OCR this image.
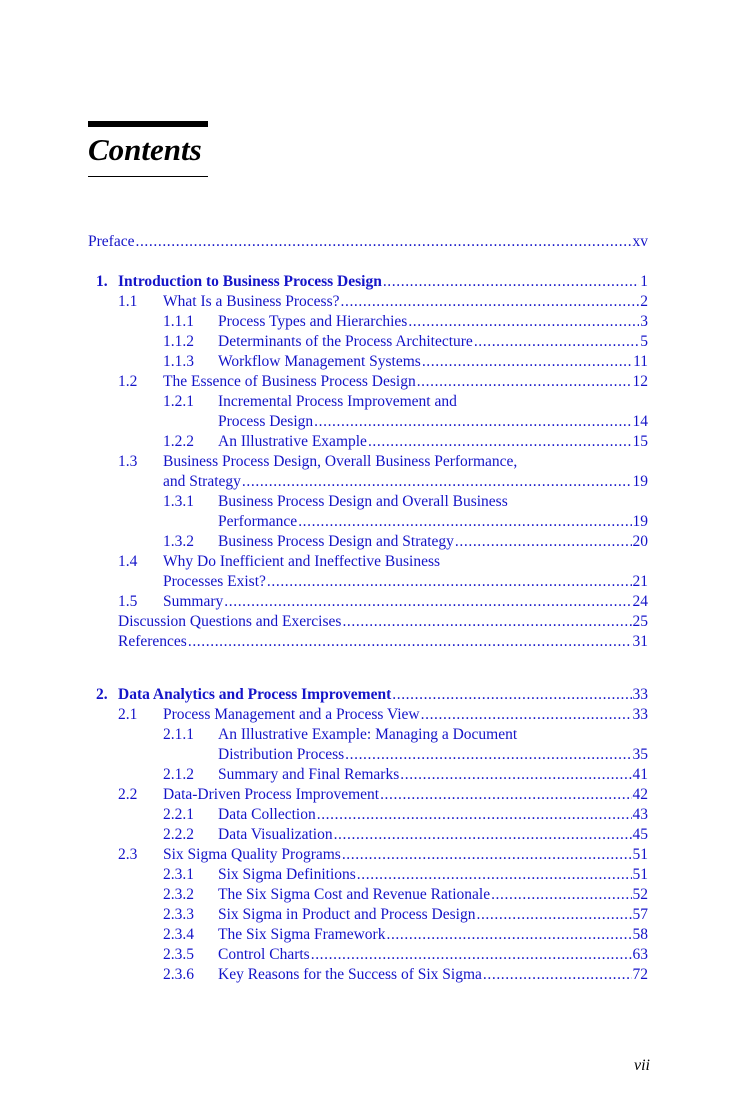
Contents
Preface .....	xv
1. Introduction to Business Process Design .....	1
1.1	What Is a Business Process? .....	2
1.1.1	Process Types and Hierarchies .....	3
1.1.2	Determinants of the Process Architecture .....	5
1.1.3	Workflow Management Systems .....	11
1.2	The Essence of Business Process Design .....	12
1.2.1	Incremental Process Improvement and
Process Design .....	14
1.2.2	An Illustrative Example .....	15
1.3	Business Process Design, Overall Business Performance,
and Strategy .....	19
1.3.1	Business Process Design and Overall Business
Performance .....	19
1.3.2	Business Process Design and Strategy .....	20
1.4	Why Do Inefficient and Ineffective Business
Processes Exist? .....	21
1.5	Summary .....	24
Discussion Questions and Exercises .....	25
References .....	31
2. Data Analytics and Process Improvement .....	33
2.1	Process Management and a Process View .....	33
2.1.1	An Illustrative Example: Managing a Document
Distribution Process .....	35
2.1.2	Summary and Final Remarks .....	41
2.2	Data-Driven Process Improvement .....	42
2.2.1	Data Collection .....	43
2.2.2	Data Visualization .....	45
2.3	Six Sigma Quality Programs .....	51
2.3.1	Six Sigma Definitions .....	51
2.3.2	The Six Sigma Cost and Revenue Rationale .....	52
2.3.3	Six Sigma in Product and Process Design .....	57
2.3.4	The Six Sigma Framework .....	58
2.3.5	Control Charts .....	63
2.3.6	Key Reasons for the Success of Six Sigma .....	72
vii
